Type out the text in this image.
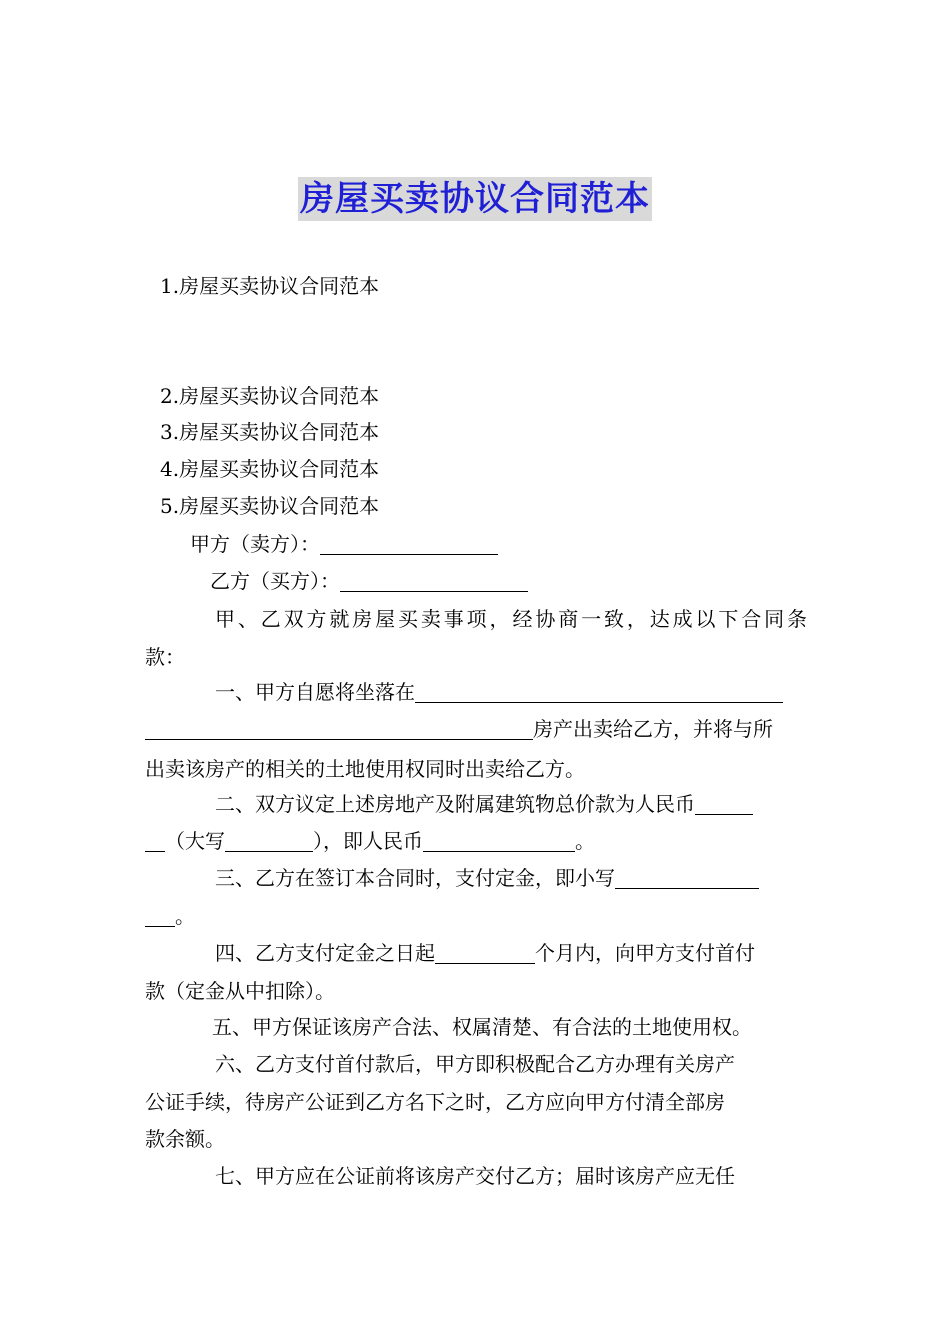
房屋买卖协议合同范本
1.房屋买卖协议合同范本
2.房屋买卖协议合同范本
3.房屋买卖协议合同范本
4.房屋买卖协议合同范本
5.房屋买卖协议合同范本
甲方（卖方）：
乙方（买方）：
甲、乙双方就房屋买卖事项，经协商一致，达成以下合同条
款：
一、甲方自愿将坐落在
房产出卖给乙方，并将与所
出卖该房产的相关的土地使用权同时出卖给乙方。
二、双方议定上述房地产及附属建筑物总价款为人民币
（大写	），即人民币	。
三、乙方在签订本合同时，支付定金，即小写
。
四、乙方支付定金之日起	个月内，向甲方支付首付
款（定金从中扣除）。
五、甲方保证该房产合法、权属清楚、有合法的土地使用权。
六、乙方支付首付款后，甲方即积极配合乙方办理有关房产
公证手续，待房产公证到乙方名下之时，乙方应向甲方付清全部房
款余额。
七、甲方应在公证前将该房产交付乙方；届时该房产应无任
